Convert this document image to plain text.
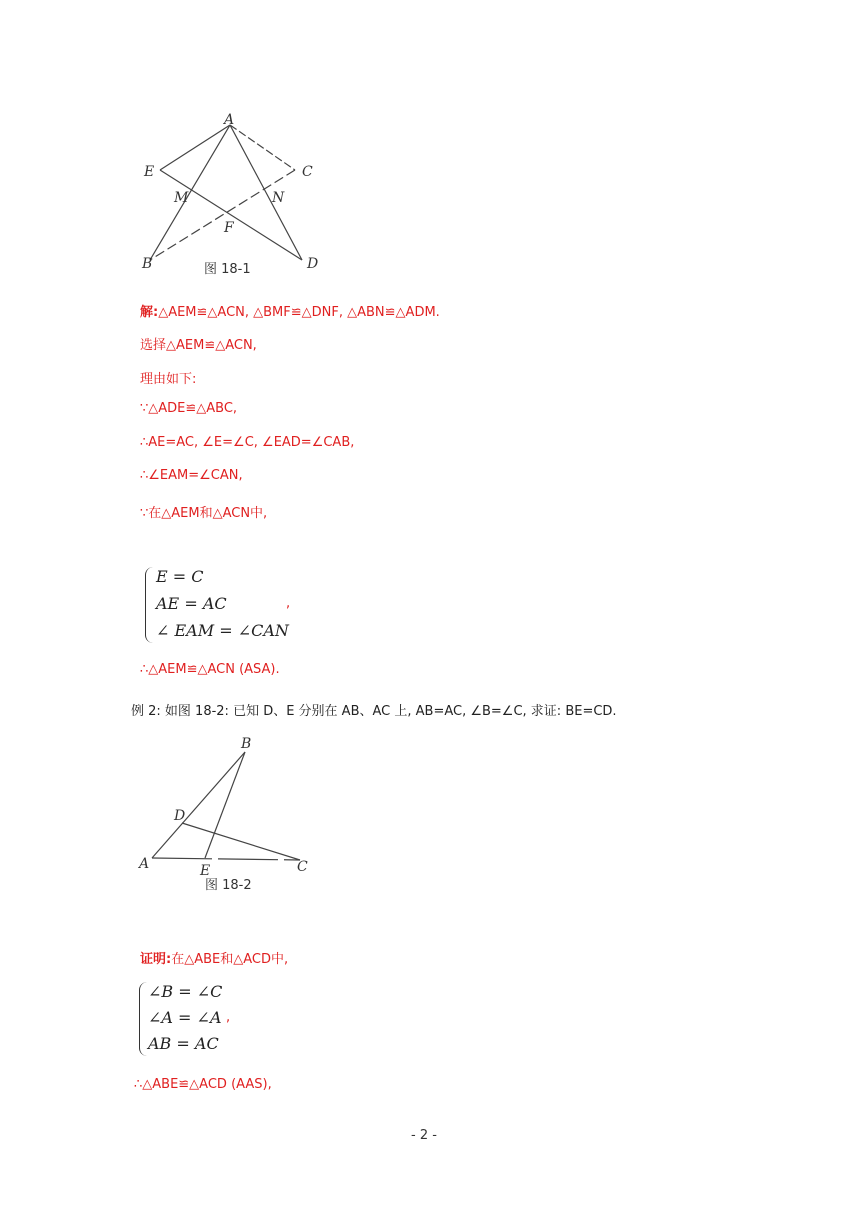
A
E	C
M	N
F
B	D
图 18-1
解:△AEM≌△ACN, △BMF≌△DNF, △ABN≌△ADM.
选择△AEM≌△ACN,
理由如下:
∵△ADE≌△ABC,
∴AE=AC, ∠E=∠C, ∠EAD=∠CAB,
∴∠EAM=∠CAN,
∵在△AEM和△ACN中,
E = C
AE = AC
∠ EAM = ∠CAN
,
∴△AEM≌△ACN (ASA).
例 2: 如图 18-2: 已知 D、E 分别在 AB、AC 上, AB=AC, ∠B=∠C, 求证: BE=CD.
B
D
A	E	C
图 18-2
证明:在△ABE和△ACD中,
∠B = ∠C
∠A = ∠A
AB = AC
,
∴△ABE≌△ACD (AAS),
- 2 -
